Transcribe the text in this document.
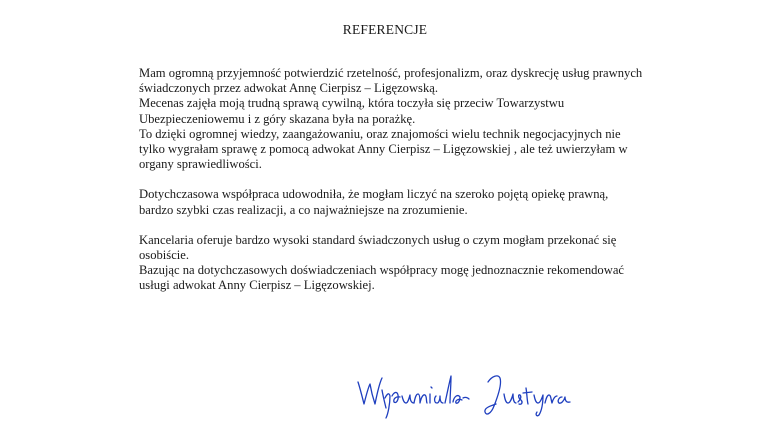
REFERENCJE
Mam ogromną przyjemność potwierdzić rzetelność, profesjonalizm, oraz dyskrecję usług prawnych
świadczonych przez adwokat Annę Cierpisz – Ligęzowską.
Mecenas zajęła moją trudną sprawą cywilną, która toczyła się przeciw Towarzystwu
Ubezpieczeniowemu i z góry skazana była na porażkę.
To dzięki ogromnej wiedzy, zaangażowaniu, oraz znajomości wielu technik negocjacyjnych nie
tylko wygrałam sprawę z pomocą adwokat Anny Cierpisz – Ligęzowskiej , ale też uwierzyłam w
organy sprawiedliwości.
Dotychczasowa współpraca udowodniła, że mogłam liczyć na szeroko pojętą opiekę prawną,
bardzo szybki czas realizacji, a co najważniejsze na zrozumienie.
Kancelaria oferuje bardzo wysoki standard świadczonych usług o czym mogłam przekonać się
osobiście.
Bazując na dotychczasowych doświadczeniach współpracy mogę jednoznacznie rekomendować
usługi adwokat Anny Cierpisz – Ligęzowskiej.
